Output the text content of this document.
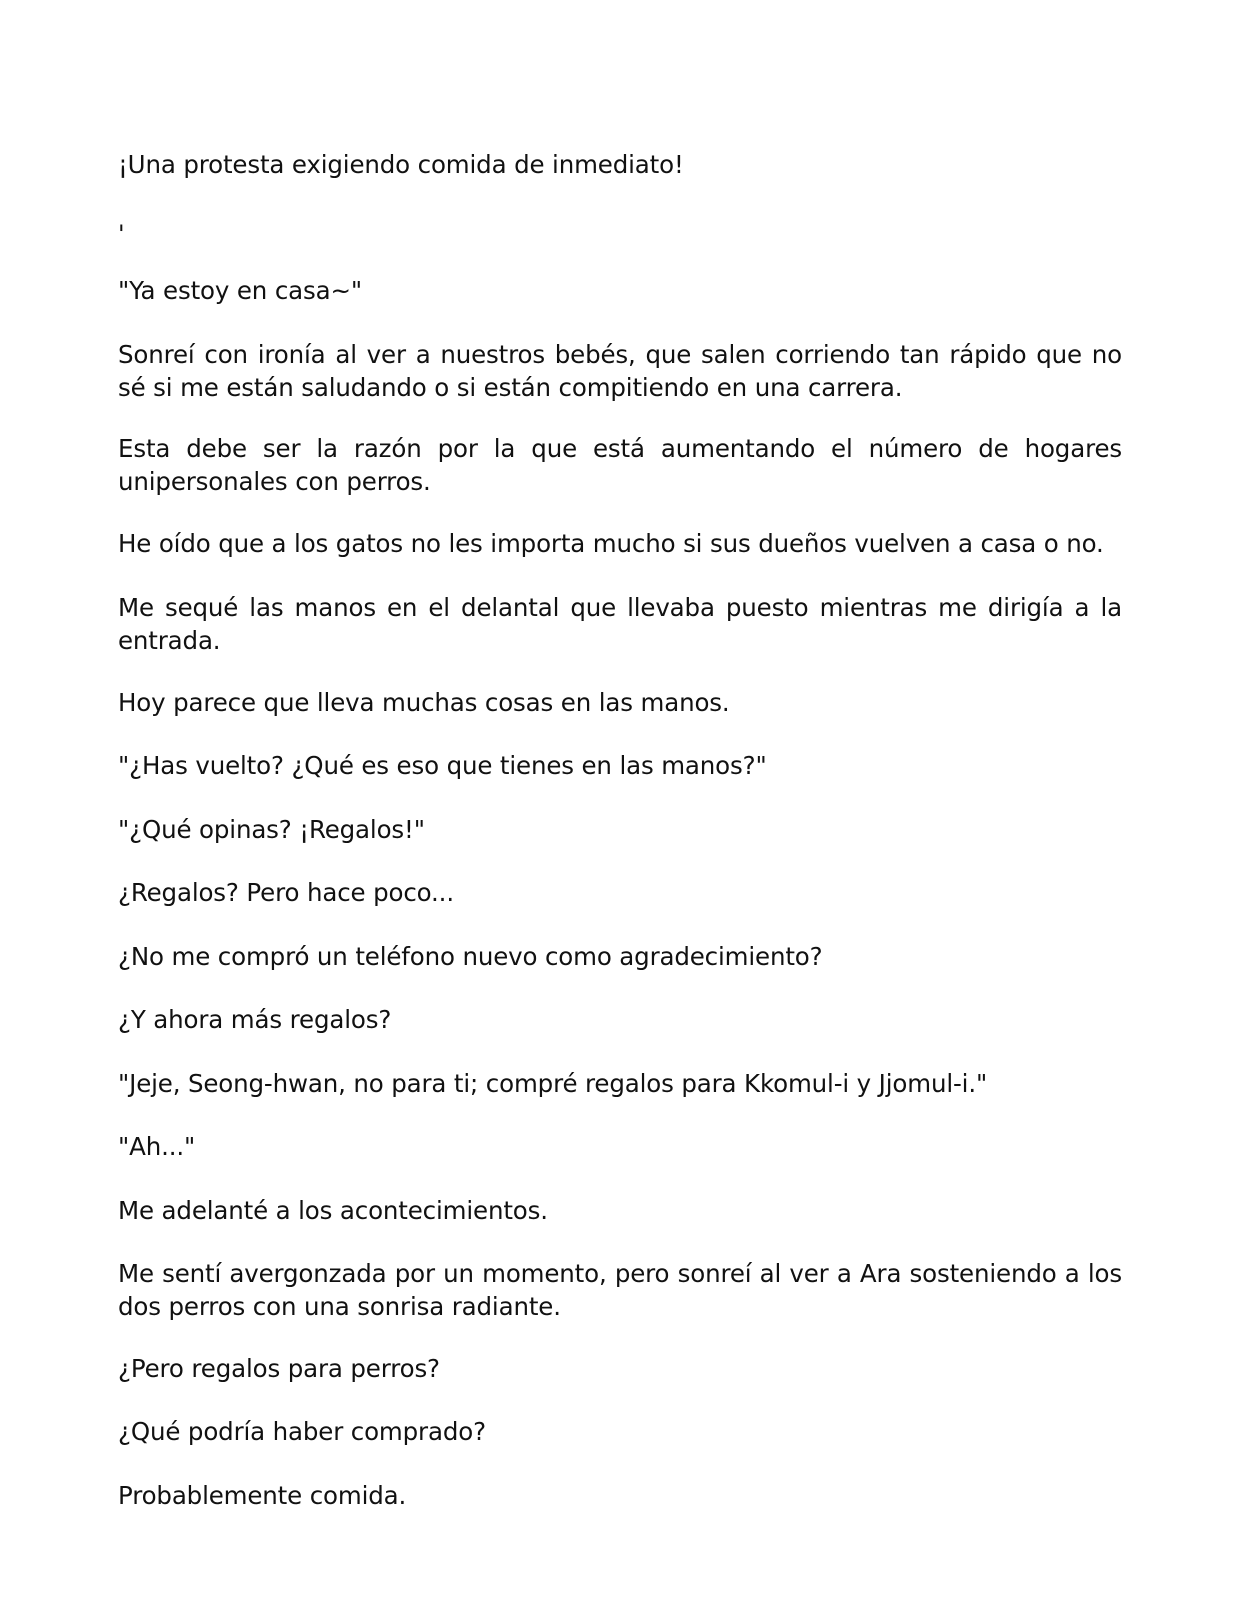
¡Una protesta exigiendo comida de inmediato!

'

"Ya estoy en casa~"

Sonreí con ironía al ver a nuestros bebés, que salen corriendo tan rápido que no sé si me están saludando o si están compitiendo en una carrera.

Esta debe ser la razón por la que está aumentando el número de hogares unipersonales con perros.

He oído que a los gatos no les importa mucho si sus dueños vuelven a casa o no.

Me sequé las manos en el delantal que llevaba puesto mientras me dirigía a la entrada.

Hoy parece que lleva muchas cosas en las manos.

"¿Has vuelto? ¿Qué es eso que tienes en las manos?"

"¿Qué opinas? ¡Regalos!"

¿Regalos? Pero hace poco...

¿No me compró un teléfono nuevo como agradecimiento?

¿Y ahora más regalos?

"Jeje, Seong-hwan, no para ti; compré regalos para Kkomul-i y Jjomul-i."

"Ah..."

Me adelanté a los acontecimientos.

Me sentí avergonzada por un momento, pero sonreí al ver a Ara sosteniendo a los dos perros con una sonrisa radiante.

¿Pero regalos para perros?

¿Qué podría haber comprado?

Probablemente comida.
